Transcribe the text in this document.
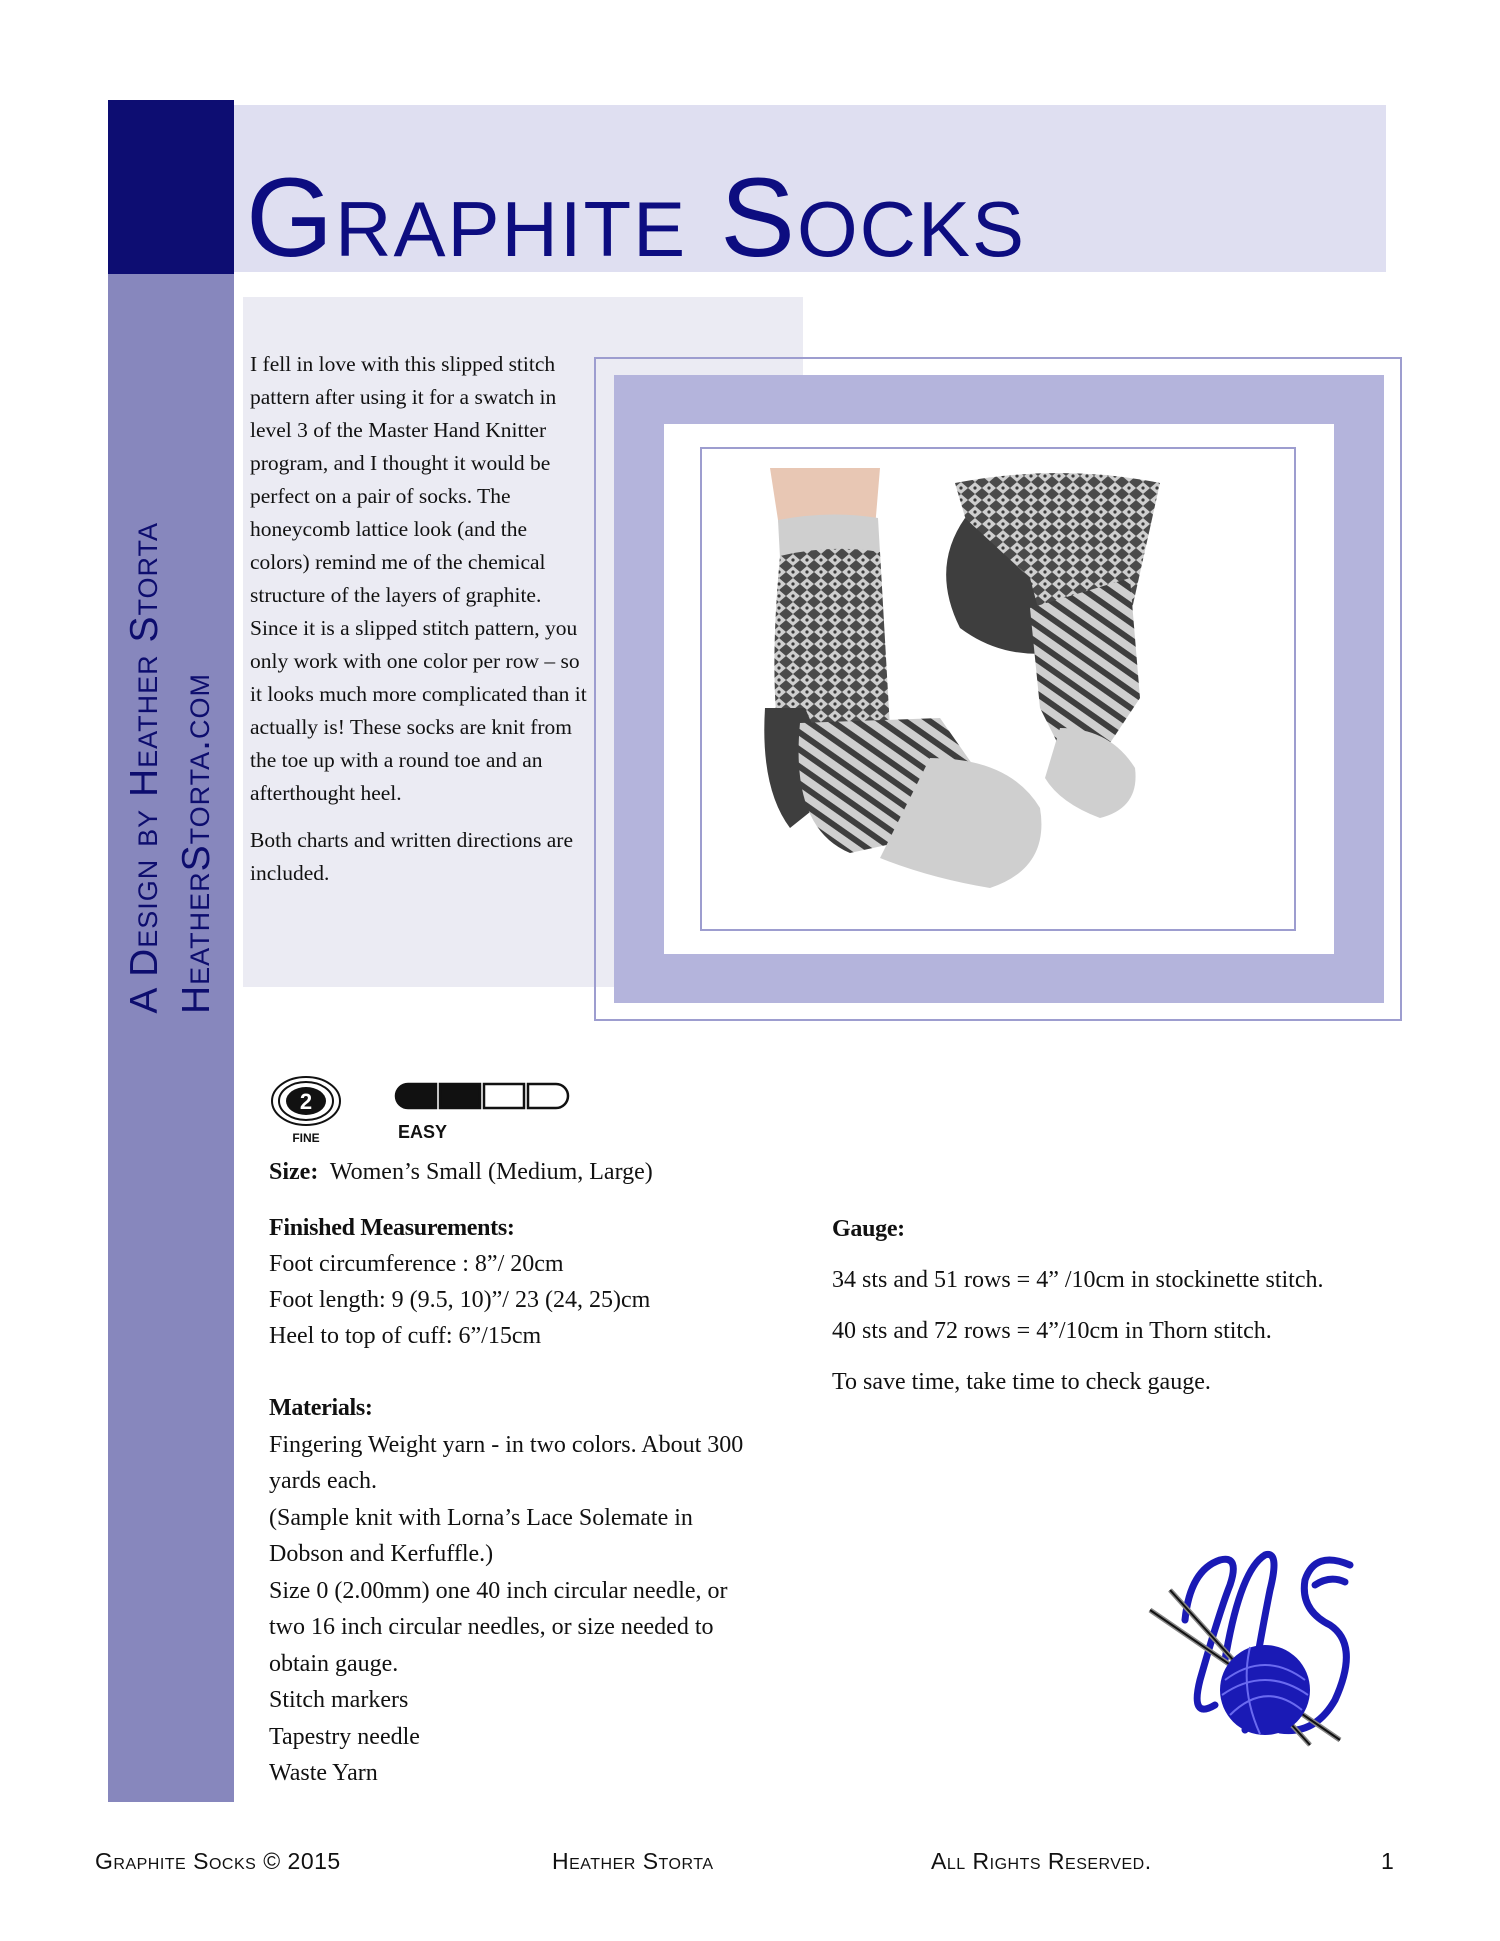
A Design by Heather Storta HeatherStorta.com
Graphite Socks

I fell in love with this slipped stitch pattern after using it for a swatch in level 3 of the Master Hand Knitter program, and I thought it would be perfect on a pair of socks. The honeycomb lattice look (and the colors) remind me of the chemical structure of the layers of graphite. Since it is a slipped stitch pattern, you only work with one color per row – so it looks much more complicated than it actually is! These socks are knit from the toe up with a round toe and an afterthought heel.

Both charts and written directions are included.

2
FINE	EASY
Size: Women’s Small (Medium, Large)
Finished Measurements:
Foot circumference : 8”/ 20cm
Foot length: 9 (9.5, 10)”/ 23 (24, 25)cm
Heel to top of cuff: 6”/15cm
Materials:
Fingering Weight yarn - in two colors. About 300
yards each.
(Sample knit with Lorna’s Lace Solemate in
Dobson and Kerfuffle.)
Size 0 (2.00mm) one 40 inch circular needle, or
two 16 inch circular needles, or size needed to
obtain gauge.
Stitch markers
Tapestry needle
Waste Yarn
Gauge:
34 sts and 51 rows = 4” /10cm in stockinette stitch.
40 sts and 72 rows = 4”/10cm in Thorn stitch.
To save time, take time to check gauge.
Graphite Socks © 2015	Heather Storta	All Rights Reserved.	1
